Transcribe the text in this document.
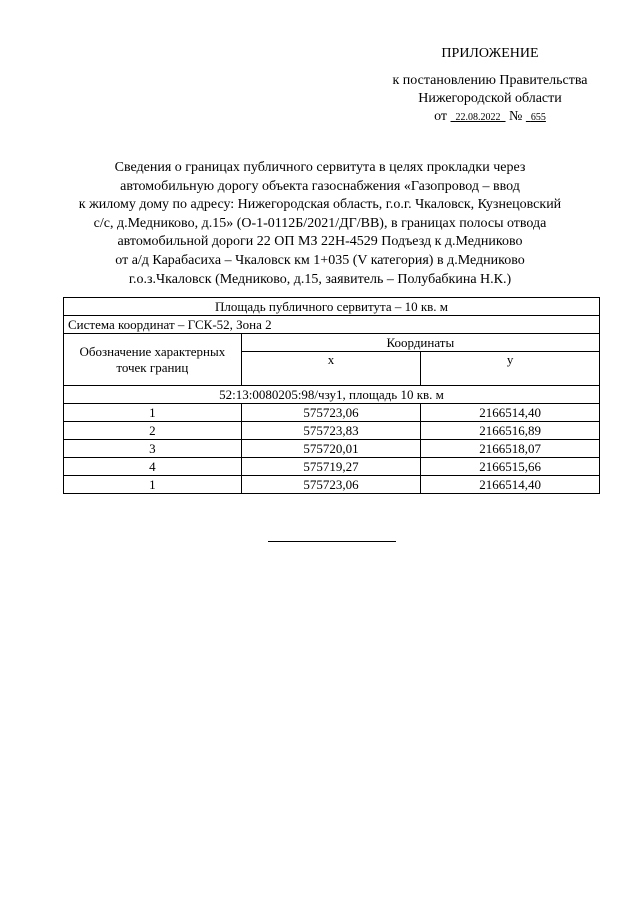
ПРИЛОЖЕНИЕ
к постановлению Правительства
Нижегородской области
от 22.08.2022 № 655
Сведения о границах публичного сервитута в целях прокладки через
автомобильную дорогу объекта газоснабжения «Газопровод – ввод
к жилому дому по адресу: Нижегородская область, г.о.г. Чкаловск, Кузнецовский
с/с, д.Медниково, д.15» (О-1-0112Б/2021/ДГ/ВВ), в границах полосы отвода
автомобильной дороги 22 ОП МЗ 22Н-4529 Подъезд к д.Медниково
от а/д Карабасиха – Чкаловск км 1+035 (V категория) в д.Медниково
г.о.з.Чкаловск (Медниково, д.15, заявитель – Полубабкина Н.К.)
Площадь публичного сервитута – 10 кв. м		
Система координат – ГСК-52, Зона 2		
Обозначение характерных точек границ	Координаты	
	x	y
52:13:0080205:98/чзу1, площадь 10 кв. м		
1	575723,06	2166514,40
2	575723,83	2166516,89
3	575720,01	2166518,07
4	575719,27	2166515,66
1	575723,06	2166514,40
